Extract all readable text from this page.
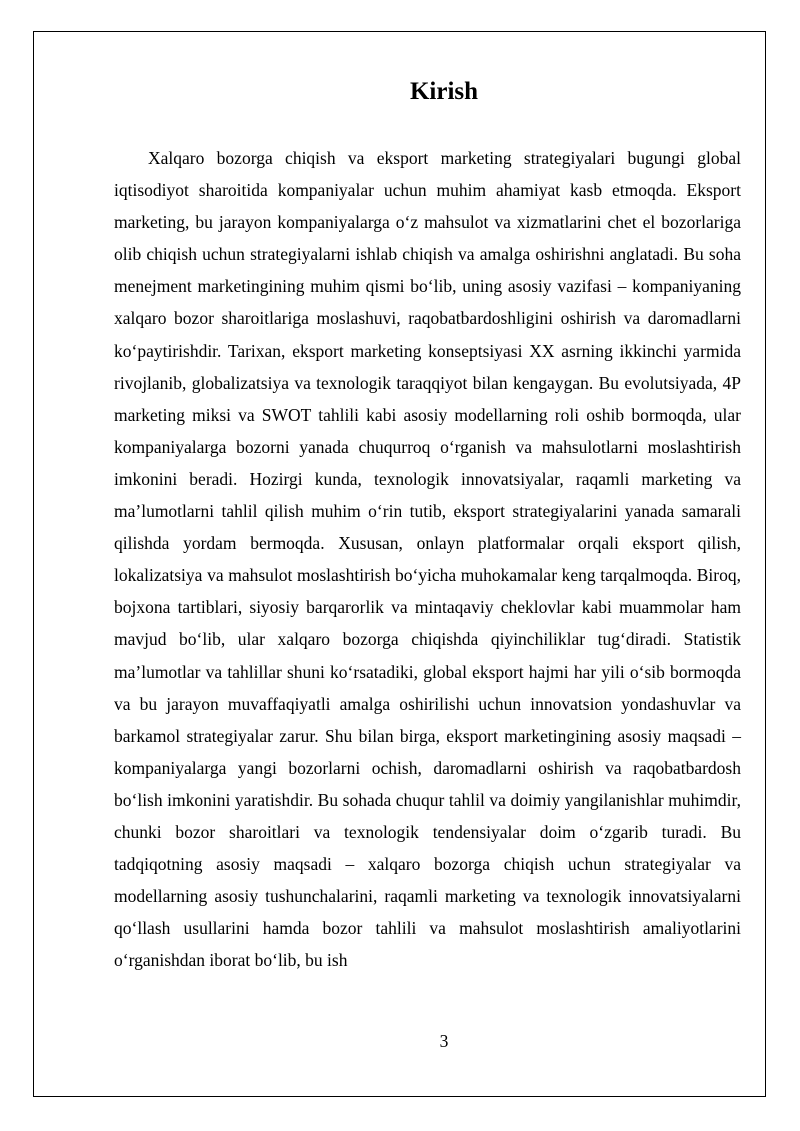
Kirish

Xalqaro bozorga chiqish va eksport marketing strategiyalari bugungi global iqtisodiyot sharoitida kompaniyalar uchun muhim ahamiyat kasb etmoqda. Eksport marketing, bu jarayon kompaniyalarga o‘z mahsulot va xizmatlarini chet el bozorlariga olib chiqish uchun strategiyalarni ishlab chiqish va amalga oshirishni anglatadi. Bu soha menejment marketingining muhim qismi bo‘lib, uning asosiy vazifasi – kompaniyaning xalqaro bozor sharoitlariga moslashuvi, raqobatbardoshligini oshirish va daromadlarni ko‘paytirishdir. Tarixan, eksport marketing konseptsiyasi XX asrning ikkinchi yarmida rivojlanib, globalizatsiya va texnologik taraqqiyot bilan kengaygan. Bu evolutsiyada, 4P marketing miksi va SWOT tahlili kabi asosiy modellarning roli oshib bormoqda, ular kompaniyalarga bozorni yanada chuqurroq o‘rganish va mahsulotlarni moslashtirish imkonini beradi. Hozirgi kunda, texnologik innovatsiyalar, raqamli marketing va ma’lumotlarni tahlil qilish muhim o‘rin tutib, eksport strategiyalarini yanada samarali qilishda yordam bermoqda. Xususan, onlayn platformalar orqali eksport qilish, lokalizatsiya va mahsulot moslashtirish bo‘yicha muhokamalar keng tarqalmoqda. Biroq, bojxona tartiblari, siyosiy barqarorlik va mintaqaviy cheklovlar kabi muammolar ham mavjud bo‘lib, ular xalqaro bozorga chiqishda qiyinchiliklar tug‘diradi. Statistik ma’lumotlar va tahlillar shuni ko‘rsatadiki, global eksport hajmi har yili o‘sib bormoqda va bu jarayon muvaffaqiyatli amalga oshirilishi uchun innovatsion yondashuvlar va barkamol strategiyalar zarur. Shu bilan birga, eksport marketingining asosiy maqsadi – kompaniyalarga yangi bozorlarni ochish, daromadlarni oshirish va raqobatbardosh bo‘lish imkonini yaratishdir. Bu sohada chuqur tahlil va doimiy yangilanishlar muhimdir, chunki bozor sharoitlari va texnologik tendensiyalar doim o‘zgarib turadi. Bu tadqiqotning asosiy maqsadi – xalqaro bozorga chiqish uchun strategiyalar va modellarning asosiy tushunchalarini, raqamli marketing va texnologik innovatsiyalarni qo‘llash usullarini hamda bozor tahlili va mahsulot moslashtirish amaliyotlarini o‘rganishdan iborat bo‘lib, bu ish

3
